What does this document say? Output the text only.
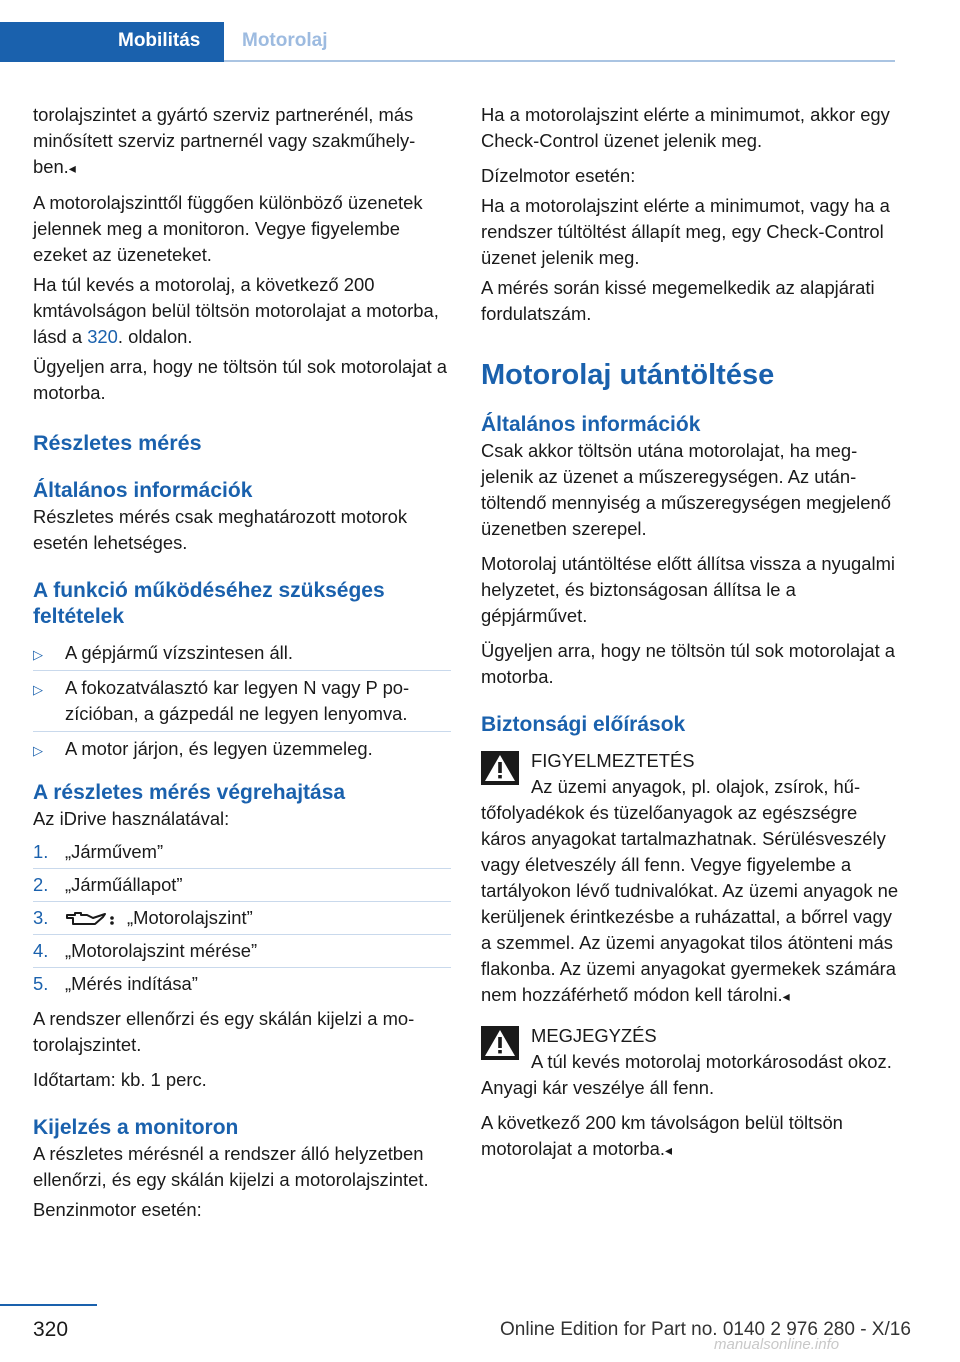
Mobilitás Motorolaj

torolajszintet a gyártó szerviz partnerénél, más minősített szerviz partnernél vagy szakműhelyben.◂

A motorolajszinttől függően különböző üzenetek jelennek meg a monitoron. Vegye figyelembe ezeket az üzeneteket.

Ha túl kevés a motorolaj, a következő 200 kmtávolságon belül töltsön motorolajat a motorba, lásd a 320. oldalon.

Ügyeljen arra, hogy ne töltsön túl sok motorolajat a motorba.

Részletes mérés
Általános információk

Részletes mérés csak meghatározott motorok esetén lehetséges.

A funkció működéséhez szükséges feltételek
▷ A gépjármű vízszintesen áll.
▷ A fokozatválasztó kar legyen N vagy P pozícióban, a gázpedál ne legyen lenyomva.
▷ A motor járjon, és legyen üzemmeleg.
A részletes mérés végrehajtása

Az iDrive használatával:

1. „Járművem”
2. „Járműállapot”
3.	„Motorolajszint”
4. „Motorolajszint mérése”
5. „Mérés indítása”

A rendszer ellenőrzi és egy skálán kijelzi a motorolajszintet.

Időtartam: kb. 1 perc.

Kijelzés a monitoron

A részletes mérésnél a rendszer álló helyzetben ellenőrzi, és egy skálán kijelzi a motorolajszintet.

Benzinmotor esetén:

Ha a motorolajszint elérte a minimumot, akkor egy Check-Control üzenet jelenik meg.

Dízelmotor esetén:

Ha a motorolajszint elérte a minimumot, vagy ha a rendszer túltöltést állapít meg, egy Check-Control üzenet jelenik meg.

A mérés során kissé megemelkedik az alapjárati fordulatszám.

Motorolaj utántöltése
Általános információk

Csak akkor töltsön utána motorolajat, ha megjelenik az üzenet a műszeregységen. Az utántöltendő mennyiség a műszeregységen megjelenő üzenetben szerepel.

Motorolaj utántöltése előtt állítsa vissza a nyugalmi helyzetet, és biztonságosan állítsa le a gépjárművet.

Ügyeljen arra, hogy ne töltsön túl sok motorolajat a motorba.

Biztonsági előírások
FIGYELMEZTETÉS

Az üzemi anyagok, pl. olajok, zsírok, hűtőfolyadékok és tüzelőanyagok az egészségre káros anyagokat tartalmazhatnak. Sérülésveszély vagy életveszély áll fenn. Vegye figyelembe a tartályokon lévő tudnivalókat. Az üzemi anyagok ne kerüljenek érintkezésbe a ruházattal, a bőrrel vagy a szemmel. Az üzemi anyagokat tilos átönteni más flakonba. Az üzemi anyagokat gyermekek számára nem hozzáférhető módon kell tárolni.◂

MEGJEGYZÉS

A túl kevés motorolaj motorkárosodást okoz. Anyagi kár veszélye áll fenn.

A következő 200 km távolságon belül töltsön motorolajat a motorba.◂

320	Online Edition for Part no. 0140 2 976 280 - X/16
manualsonline.info
